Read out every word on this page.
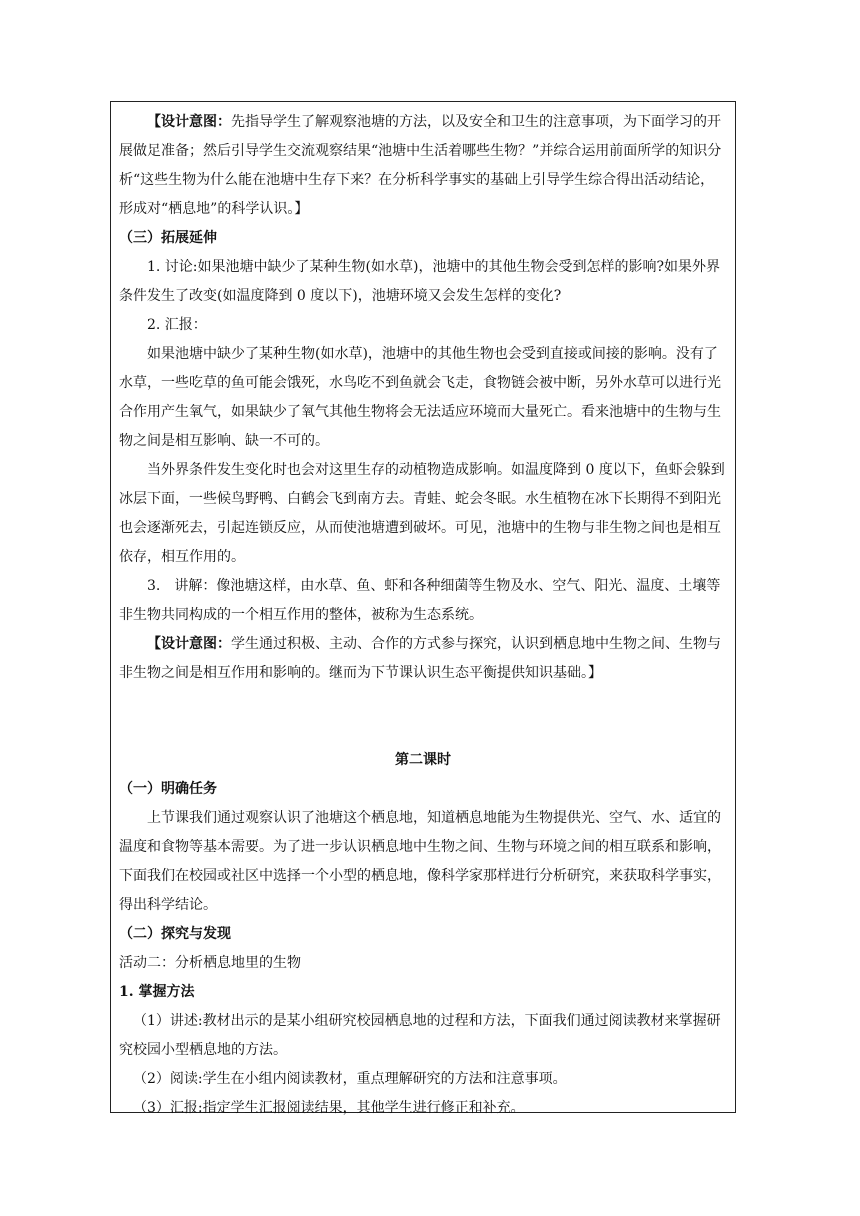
【设计意图：先指导学生了解观察池塘的方法，以及安全和卫生的注意事项，为下面学习的开展做足准备；然后引导学生交流观察结果“池塘中生活着哪些生物？”并综合运用前面所学的知识分析“这些生物为什么能在池塘中生存下来？在分析科学事实的基础上引导学生综合得出活动结论，形成对“栖息地”的科学认识。】

（三）拓展延伸

1. 讨论:如果池塘中缺少了某种生物(如水草)，池塘中的其他生物会受到怎样的影响?如果外界条件发生了改变(如温度降到 0 度以下)，池塘环境又会发生怎样的变化?

2. 汇报：

如果池塘中缺少了某种生物(如水草)，池塘中的其他生物也会受到直接或间接的影响。没有了水草，一些吃草的鱼可能会饿死，水鸟吃不到鱼就会飞走，食物链会被中断，另外水草可以进行光合作用产生氧气，如果缺少了氧气其他生物将会无法适应环境而大量死亡。看来池塘中的生物与生物之间是相互影响、缺一不可的。

当外界条件发生变化时也会对这里生存的动植物造成影响。如温度降到 0 度以下，鱼虾会躲到冰层下面，一些候鸟野鸭、白鹤会飞到南方去。青蛙、蛇会冬眠。水生植物在冰下长期得不到阳光也会逐渐死去，引起连锁反应，从而使池塘遭到破坏。可见，池塘中的生物与非生物之间也是相互依存，相互作用的。

3.　讲解：像池塘这样，由水草、鱼、虾和各种细菌等生物及水、空气、阳光、温度、土壤等非生物共同构成的一个相互作用的整体，被称为生态系统。

【设计意图：学生通过积极、主动、合作的方式参与探究，认识到栖息地中生物之间、生物与非生物之间是相互作用和影响的。继而为下节课认识生态平衡提供知识基础。】

第二课时

（一）明确任务

上节课我们通过观察认识了池塘这个栖息地，知道栖息地能为生物提供光、空气、水、适宜的温度和食物等基本需要。为了进一步认识栖息地中生物之间、生物与环境之间的相互联系和影响，下面我们在校园或社区中选择一个小型的栖息地，像科学家那样进行分析研究，来获取科学事实，得出科学结论。

（二）探究与发现

活动二：分析栖息地里的生物

1. 掌握方法

（1）讲述:教材出示的是某小组研究校园栖息地的过程和方法，下面我们通过阅读教材来掌握研究校园小型栖息地的方法。

（2）阅读:学生在小组内阅读教材，重点理解研究的方法和注意事项。

（3）汇报:指定学生汇报阅读结果，其他学生进行修正和补充。
